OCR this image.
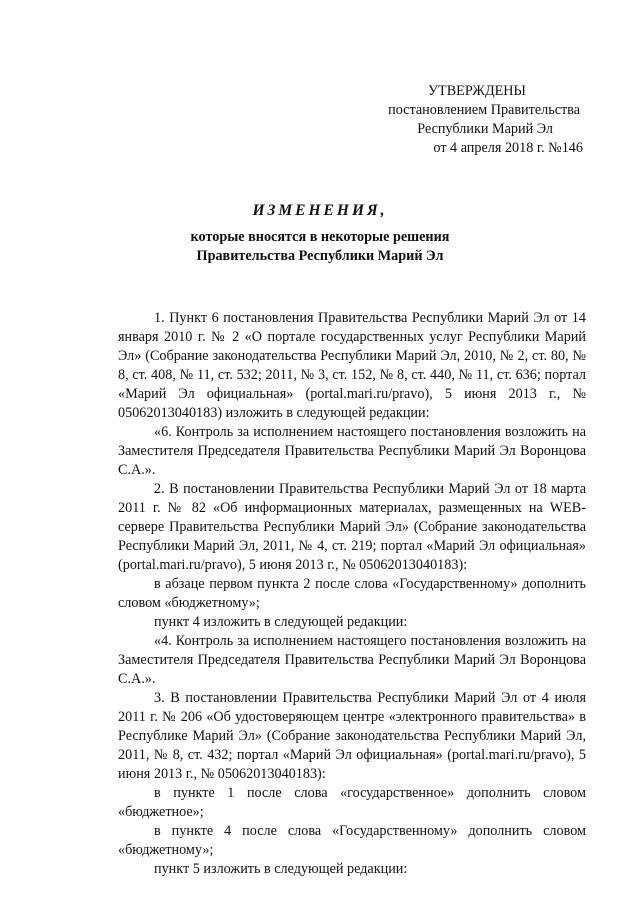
УТВЕРЖДЕНЫ
постановлением Правительства
Республики Марий Эл
от 4 апреля 2018 г. №146
ИЗМЕНЕНИЯ,
которые вносятся в некоторые решения
Правительства Республики Марий Эл

1. Пункт 6 постановления Правительства Республики Марий Эл от 14 января 2010 г. № 2 «О портале государственных услуг Республики Марий Эл» (Собрание законодательства Республики Марий Эл, 2010, № 2, ст. 80, № 8, ст. 408, № 11, ст. 532; 2011, № 3, ст. 152, № 8, ст. 440, № 11, ст. 636; портал «Марий Эл официальная» (portal.mari.ru/pravo), 5 июня 2013 г., № 05062013040183) изложить в следующей редакции:

«6. Контроль за исполнением настоящего постановления возложить на Заместителя Председателя Правительства Республики Марий Эл Воронцова С.А.».

2. В постановлении Правительства Республики Марий Эл от 18 марта 2011 г. № 82 «Об информационных материалах, размещенных на WEB-сервере Правительства Республики Марий Эл» (Собрание законодательства Республики Марий Эл, 2011, № 4, ст. 219; портал «Марий Эл официальная» (portal.mari.ru/pravo), 5 июня 2013 г., № 05062013040183):

в абзаце первом пункта 2 после слова «Государственному» дополнить словом «бюджетному»;

пункт 4 изложить в следующей редакции:

«4. Контроль за исполнением настоящего постановления возложить на Заместителя Председателя Правительства Республики Марий Эл Воронцова С.А.».

3. В постановлении Правительства Республики Марий Эл от 4 июля 2011 г. № 206 «Об удостоверяющем центре «электронного правительства» в Республике Марий Эл» (Собрание законодательства Республики Марий Эл, 2011, № 8, ст. 432; портал «Марий Эл официальная» (portal.mari.ru/pravo), 5 июня 2013 г., № 05062013040183):

в пункте 1 после слова «государственное» дополнить словом «бюджетное»;

в пункте 4 после слова «Государственному» дополнить словом «бюджетному»;

пункт 5 изложить в следующей редакции:
